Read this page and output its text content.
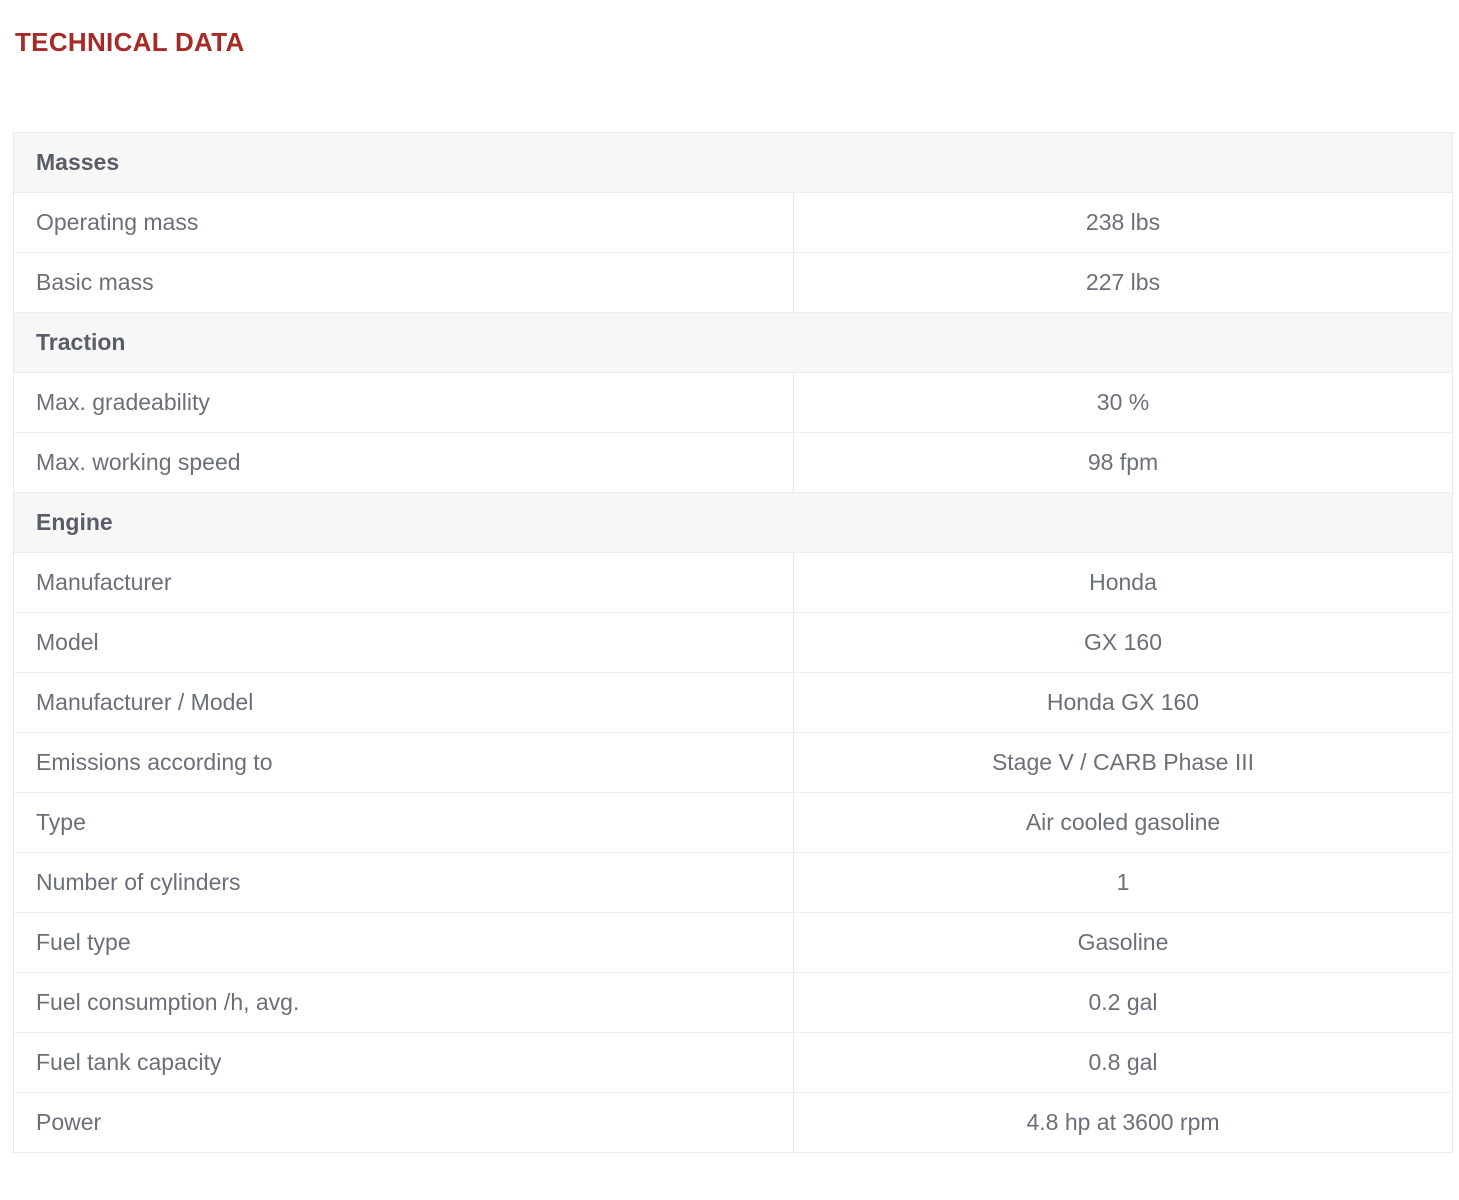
TECHNICAL DATA
Masses
Operating mass	238 lbs
Basic mass	227 lbs
Traction
Max. gradeability	30 %
Max. working speed	98 fpm
Engine
Manufacturer	Honda
Model	GX 160
Manufacturer / Model	Honda GX 160
Emissions according to	Stage V / CARB Phase III
Type	Air cooled gasoline
Number of cylinders	1
Fuel type	Gasoline
Fuel consumption /h, avg.	0.2 gal
Fuel tank capacity	0.8 gal
Power	4.8 hp at 3600 rpm
